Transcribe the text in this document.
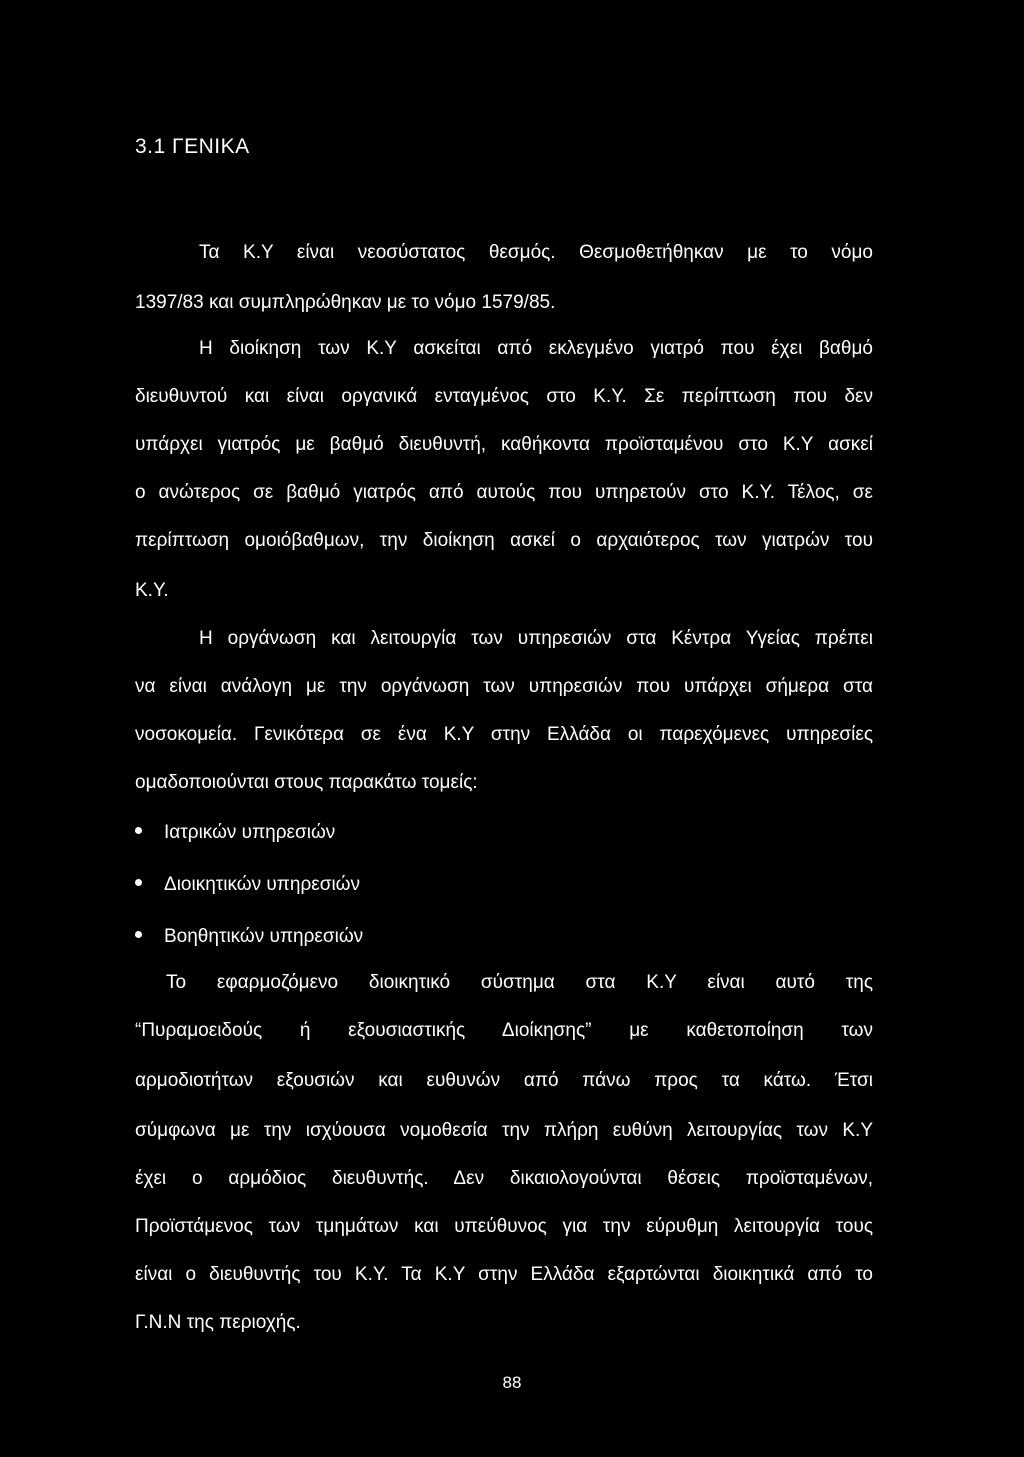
3.1 ΓΕΝΙΚΑ
Τα Κ.Υ είναι νεοσύστατος θεσμός. Θεσμοθετήθηκαν με το νόμο
1397/83 και συμπληρώθηκαν με το νόμο 1579/85.
Η διοίκηση των Κ.Υ ασκείται από εκλεγμένο γιατρό που έχει βαθμό
διευθυντού και είναι οργανικά ενταγμένος στο Κ.Υ. Σε περίπτωση που δεν
υπάρχει γιατρός με βαθμό διευθυντή, καθήκοντα προϊσταμένου στο Κ.Υ ασκεί
ο ανώτερος σε βαθμό γιατρός από αυτούς που υπηρετούν στο Κ.Υ. Τέλος, σε
περίπτωση ομοιόβαθμων, την διοίκηση ασκεί ο αρχαιότερος των γιατρών του
Κ.Υ.
Η οργάνωση και λειτουργία των υπηρεσιών στα Κέντρα Υγείας πρέπει
να είναι ανάλογη με την οργάνωση των υπηρεσιών που υπάρχει σήμερα στα
νοσοκομεία. Γενικότερα σε ένα Κ.Υ στην Ελλάδα οι παρεχόμενες υπηρεσίες
ομαδοποιούνται στους παρακάτω τομείς:
Ιατρικών υπηρεσιών
Διοικητικών υπηρεσιών
Βοηθητικών υπηρεσιών
Το εφαρμοζόμενο διοικητικό σύστημα στα Κ.Υ είναι αυτό της
“Πυραμοειδούς ή εξουσιαστικής Διοίκησης” με καθετοποίηση των
αρμοδιοτήτων εξουσιών και ευθυνών από πάνω προς τα κάτω. Έτσι
σύμφωνα με την ισχύουσα νομοθεσία την πλήρη ευθύνη λειτουργίας των Κ.Υ
έχει ο αρμόδιος διευθυντής. Δεν δικαιολογούνται θέσεις προϊσταμένων,
Προϊστάμενος των τμημάτων και υπεύθυνος για την εύρυθμη λειτουργία τους
είναι ο διευθυντής του Κ.Υ. Τα Κ.Υ στην Ελλάδα εξαρτώνται διοικητικά από το
Γ.Ν.Ν της περιοχής.
88
